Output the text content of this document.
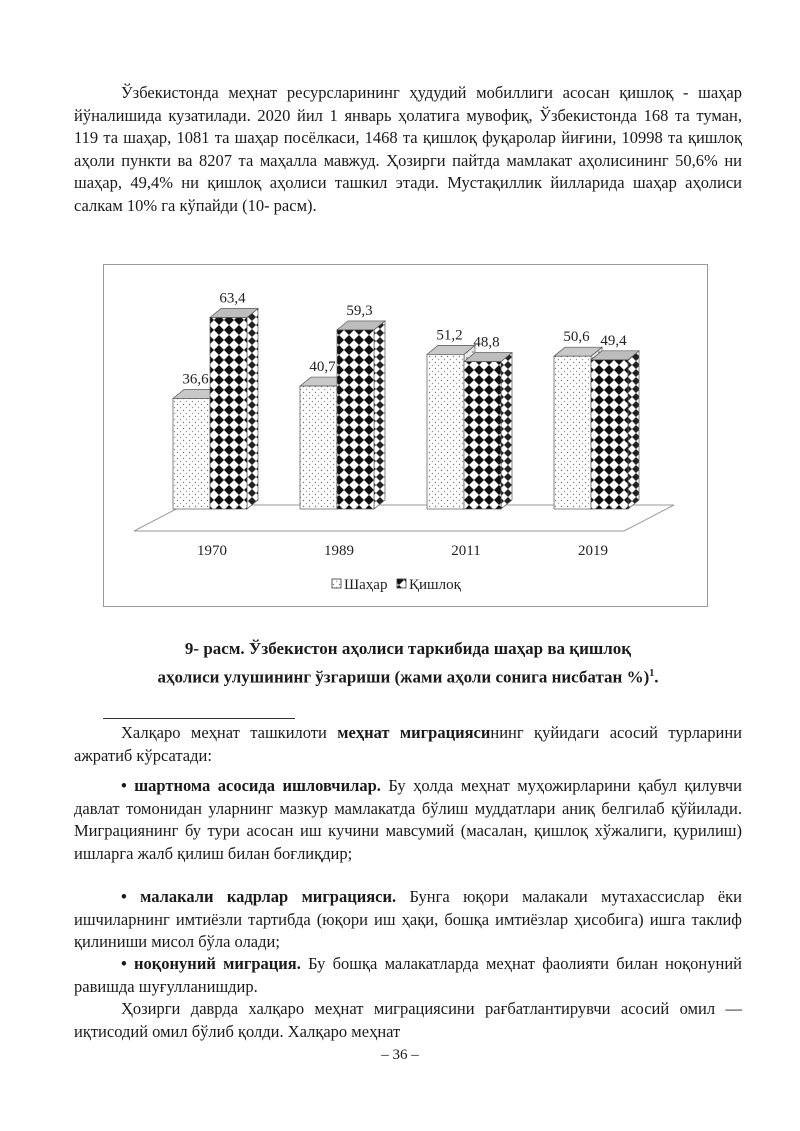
Ўзбекистонда меҳнат ресурсларининг ҳудудий мобиллиги асосан қишлоқ - шаҳар йўналишида кузатилади. 2020 йил 1 январь ҳолатига мувофиқ, Ўзбекистонда 168 та туман, 119 та шаҳар, 1081 та шаҳар посёлкаси, 1468 та қишлоқ фуқаролар йиғини, 10998 та қишлоқ аҳоли пункти ва 8207 та маҳалла мавжуд. Ҳозирги пайтда мамлакат аҳолисининг 50,6% ни шаҳар, 49,4% ни қишлоқ аҳолиси ташкил этади. Мустақиллик йилларида шаҳар аҳолиси салкам 10% га кўпайди (10- расм).

36,6
63,4
40,7
59,3
51,2 48,8	50,6 49,4
1970	1989	2011	2019
Шаҳар Қишлоқ
9- расм. Ўзбекистон аҳолиси таркибида шаҳар ва қишлоқ
аҳолиси улушининг ўзгариши (жами аҳоли сонига нисбатан %)$^1$.

Халқаро меҳнат ташкилоти меҳнат миграциясининг қуйидаги асосий турларини ажратиб кўрсатади:

• шартнома асосида ишловчилар. Бу ҳолда меҳнат муҳожирларини қабул қилувчи давлат томонидан уларнинг мазкур мамлакатда бўлиш муддатлари аниқ белгилаб қўйилади. Миграциянинг бу тури асосан иш кучини мавсумий (масалан, қишлоқ хўжалиги, қурилиш) ишларга жалб қилиш билан боғлиқдир;

• малакали кадрлар миграцияси. Бунга юқори малакали мутахассислар ёки ишчиларнинг имтиёзли тартибда (юқори иш ҳақи, бошқа имтиёзлар ҳисобига) ишга таклиф қилиниши мисол бўла олади;

• ноқонуний миграция. Бу бошқа малакатларда меҳнат фаолияти билан ноқонуний равишда шуғулланишдир.

Ҳозирги даврда халқаро меҳнат миграциясини рағбатлантирувчи асосий омил — иқтисодий омил бўлиб қолди. Халқаро меҳнат

– 36 –
